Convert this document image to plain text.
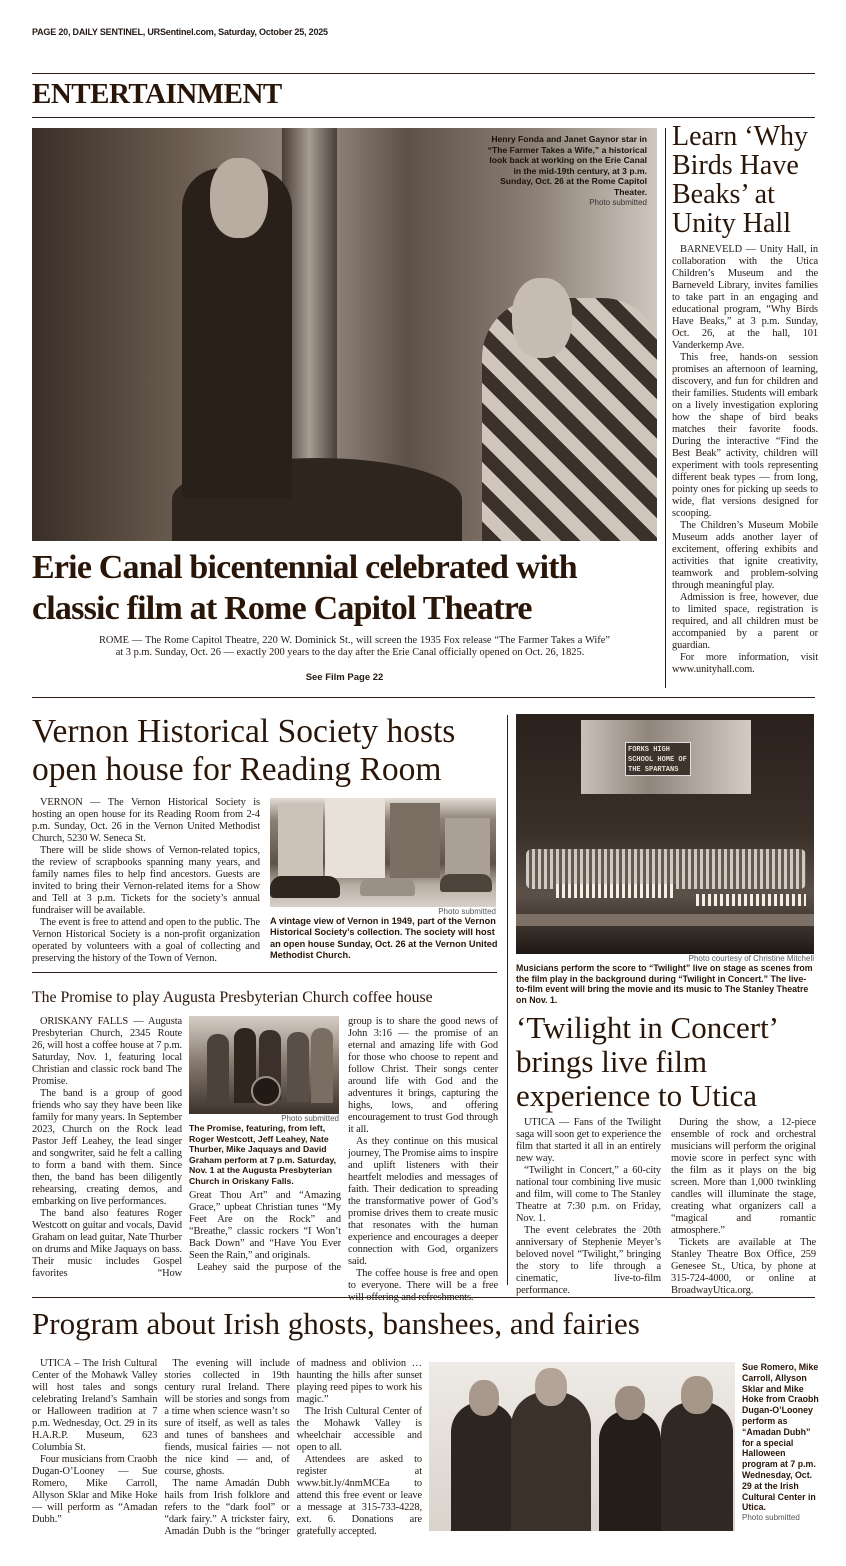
PAGE 20, DAILY SENTINEL, URSentinel.com, Saturday, October 25, 2025
ENTERTAINMENT
Henry Fonda and Janet Gaynor star in “The Farmer Takes a Wife,” a historical look back at working on the Erie Canal in the mid-19th century, at 3 p.m. Sunday, Oct. 26 at the Rome Capitol Theater.
Photo submitted
Erie Canal bicentennial celebrated with classic film at Rome Capitol Theatre

ROME — The Rome Capitol Theatre, 220 W. Dominick St., will screen the 1935 Fox release “The Farmer Takes a Wife” at 3 p.m. Sunday, Oct. 26 — exactly 200 years to the day after the Erie Canal officially opened on Oct. 26, 1825.

See Film Page 22
Learn ‘Why Birds Have Beaks’ at Unity Hall

BARNEVELD — Unity Hall, in collaboration with the Utica Children’s Museum and the Barneveld Library, invites families to take part in an engaging and educational program, “Why Birds Have Beaks,” at 3 p.m. Sunday, Oct. 26, at the hall, 101 Vanderkemp Ave.

This free, hands-on session promises an afternoon of learning, discovery, and fun for children and their families. Students will embark on a lively investigation exploring how the shape of bird beaks matches their favorite foods. During the interactive “Find the Best Beak” activity, children will experiment with tools representing different beak types — from long, pointy ones for picking up seeds to wide, flat versions designed for scooping.

The Children’s Museum Mobile Museum adds another layer of excitement, offering exhibits and activities that ignite creativity, teamwork and problem-solving through meaningful play.

Admission is free, however, due to limited space, registration is required, and all children must be accompanied by a parent or guardian.

For more information, visit www.unityhall.com.

Vernon Historical Society hosts open house for Reading Room

VERNON — The Vernon Historical Society is hosting an open house for its Reading Room from 2-4 p.m. Sunday, Oct. 26 in the Vernon United Methodist Church, 5230 W. Seneca St.

There will be slide shows of Vernon-related topics, the review of scrapbooks spanning many years, and family names files to help find ancestors. Guests are invited to bring their Vernon-related items for a Show and Tell at 3 p.m. Tickets for the society’s annual fundraiser will be available.

The event is free to attend and open to the public. The Vernon Historical Society is a non-profit organization operated by volunteers with a goal of collecting and preserving the history of the Town of Vernon.

Photo submitted
A vintage view of Vernon in 1949, part of the Vernon Historical Society’s collection. The society will host an open house Sunday, Oct. 26 at the Vernon United Methodist Church.
The Promise to play Augusta Presbyterian Church coffee house

ORISKANY FALLS — Augusta Presbyterian Church, 2345 Route 26, will host a coffee house at 7 p.m. Saturday, Nov. 1, featuring local Christian and classic rock band The Promise.

The band is a group of good friends who say they have been like family for many years. In September 2023, Church on the Rock lead Pastor Jeff Leahey, the lead singer and songwriter, said he felt a calling to form a band with them. Since then, the band has been diligently rehearsing, creating demos, and embarking on live performances.

The band also features Roger Westcott on guitar and vocals, David Graham on lead guitar, Nate Thurber on drums and Mike Jaquays on bass. Their music includes Gospel favorites “How

Photo submitted
The Promise, featuring, from left, Roger Westcott, Jeff Leahey, Nate Thurber, Mike Jaquays and David Graham perform at 7 p.m. Saturday, Nov. 1 at the Augusta Presbyterian Church in Oriskany Falls.

Great Thou Art” and “Amazing Grace,” upbeat Christian tunes “My Feet Are on the Rock” and “Breathe,” classic rockers “I Won’t Back Down” and “Have You Ever Seen the Rain,” and originals.

Leahey said the purpose of the

group is to share the good news of John 3:16 — the promise of an eternal and amazing life with God for those who choose to repent and follow Christ. Their songs center around life with God and the adventures it brings, capturing the highs, lows, and offering encouragement to trust God through it all.

As they continue on this musical journey, The Promise aims to inspire and uplift listeners with their heartfelt melodies and messages of faith. Their dedication to spreading the transformative power of God’s promise drives them to create music that resonates with the human experience and encourages a deeper connection with God, organizers said.

The coffee house is free and open to everyone. There will be a free

FORKS HIGH SCHOOL HOME OF THE SPARTANS
Photo courtesy of Christine Mitchell
Musicians perform the score to “Twilight” live on stage as scenes from the film play in the background during “Twilight in Concert.” The live-to-film event will bring the movie and its music to The Stanley Theatre on Nov. 1.
‘Twilight in Concert’ brings live film experience to Utica

UTICA — Fans of the Twilight saga will soon get to experience the film that started it all in an entirely new way.

“Twilight in Concert,” a 60-city national tour combining live music and film, will come to The Stanley Theatre at 7:30 p.m. on Friday, Nov. 1.

The event celebrates the 20th anniversary of Stephenie Meyer’s beloved novel “Twilight,” bringing the story to life through a cinematic, live-to-film performance.

During the show, a 12-piece ensemble of rock and orchestral musicians will perform the original movie score in perfect sync with the film as it plays on the big screen. More than 1,000 twinkling candles will illuminate the stage, creating what organizers call a “magical and romantic atmosphere.”

Tickets are available at The Stanley Theatre Box Office, 259 Genesee St., Utica, by phone at 315-724-4000, or online at BroadwayUtica.org.

Program about Irish ghosts, banshees, and fairies

UTICA – The Irish Cultural Center of the Mohawk Valley will host tales and songs celebrating Ireland’s Samhain or Halloween tradition at 7 p.m. Wednesday, Oct. 29 in its H.A.R.P. Museum, 623 Columbia St.

Four musicians from Craobh Dugan-O’Looney — Sue Romero, Mike Carroll, Allyson Sklar and Mike Hoke — will perform as “Amadan Dubh.”

The evening will include stories collected in 19th century rural Ireland. There will be stories and songs from a time when science wasn’t so sure of itself, as well as tales and tunes of banshees and fiends, musical fairies — not the nice kind — and, of course, ghosts.

The name Amadán Dubh hails from Irish folklore and refers to the “dark fool” or “dark fairy.” A trickster fairy, Amadán Dubh is the “bringer of madness and oblivion … haunting the hills after sunset playing reed pipes to work his magic.”

The Irish Cultural Center of the Mohawk Valley is wheelchair accessible and open to all.

Attendees are asked to register at www.bit.ly/4nmMCEa to attend this free event or leave a message at 315-733-4228, ext. 6. Donations are gratefully accepted.

Sue Romero, Mike Carroll, Allyson Sklar and Mike Hoke from Craobh Dugan-O’Looney perform as “Amadan Dubh” for a special Halloween program at 7 p.m. Wednesday, Oct. 29 at the Irish Cultural Center in Utica.
Photo submitted
